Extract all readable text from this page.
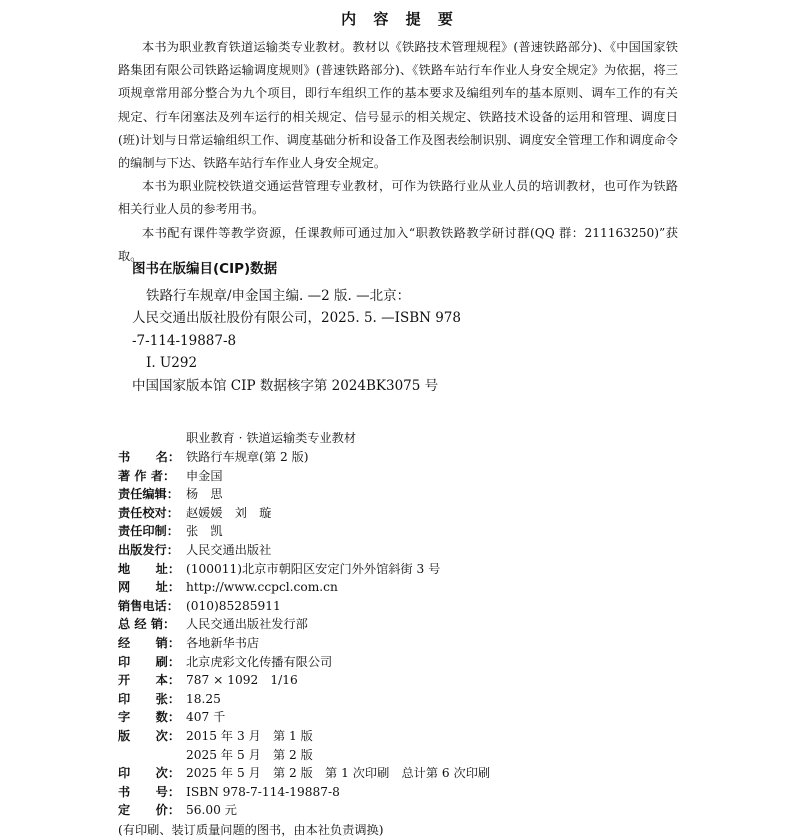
内 容 提 要

本书为职业教育铁道运输类专业教材。教材以《铁路技术管理规程》(普速铁路部分)、《中国国家铁路集团有限公司铁路运输调度规则》(普速铁路部分)、《铁路车站行车作业人身安全规定》为依据，将三项规章常用部分整合为九个项目，即行车组织工作的基本要求及编组列车的基本原则、调车工作的有关规定、行车闭塞法及列车运行的相关规定、信号显示的相关规定、铁路技术设备的运用和管理、调度日(班)计划与日常运输组织工作、调度基础分析和设备工作及图表绘制识别、调度安全管理工作和调度命令的编制与下达、铁路车站行车作业人身安全规定。

本书为职业院校铁道交通运营管理专业教材，可作为铁路行业从业人员的培训教材，也可作为铁路相关行业人员的参考用书。

本书配有课件等教学资源，任课教师可通过加入“职教铁路教学研讨群(QQ 群：211163250)”获取。

图书在版编目(CIP)数据
铁路行车规章/申金国主编. —2 版. —北京：
人民交通出版社股份有限公司，2025. 5. —ISBN 978
-7-114-19887-8
Ⅰ. U292
中国国家版本馆 CIP 数据核字第 2024BK3075 号
职业教育 · 铁道运输类专业教材
书      名： 铁路行车规章(第 2 版)
著 作 者： 申金国
责任编辑： 杨　思
责任校对： 赵媛媛　刘　璇
责任印制： 张　凯
出版发行： 人民交通出版社
地      址： (100011)北京市朝阳区安定门外外馆斜街 3 号
网      址： http://www.ccpcl.com.cn
销售电话： (010)85285911
总 经 销： 人民交通出版社发行部
经      销： 各地新华书店
印      刷： 北京虎彩文化传播有限公司
开      本： 787 × 1092　1/16
印      张： 18.25
字      数： 407 千
版      次： 2015 年 3 月　第 1 版
2025 年 5 月　第 2 版
印      次： 2025 年 5 月　第 2 版　第 1 次印刷　总计第 6 次印刷
书      号： ISBN 978-7-114-19887-8
定      价： 56.00 元
(有印刷、装订质量问题的图书，由本社负责调换)
